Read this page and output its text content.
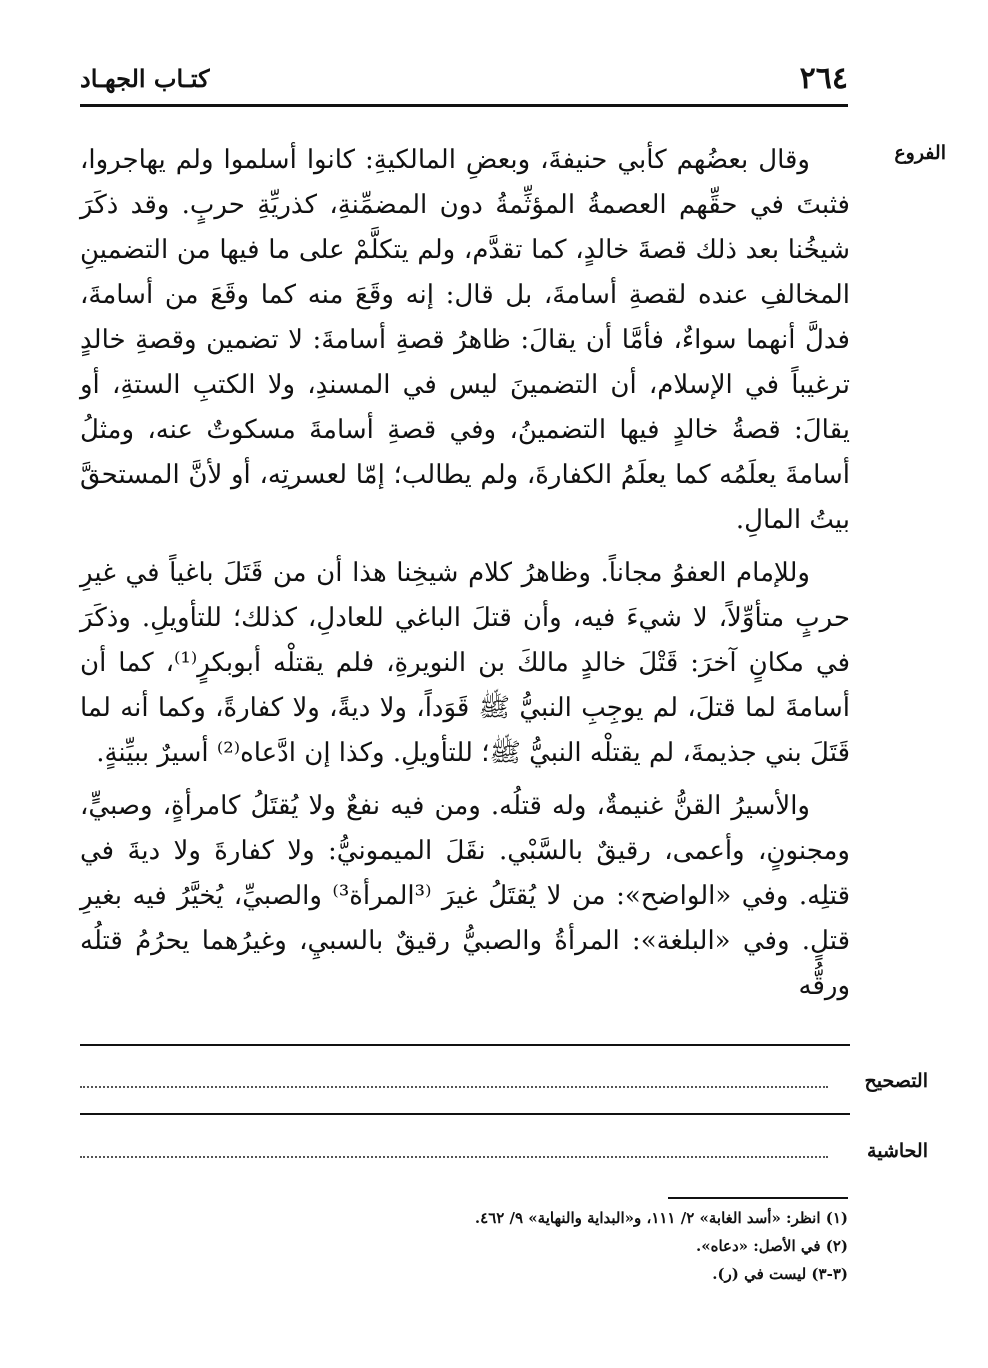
٢٦٤
كتـاب الجهـاد
الفروع

وقال بعضُهم كأبي حنيفةَ، وبعضِ المالكيةِ: كانوا أسلموا ولم يهاجروا، فثبتَ في حقِّهم العصمةُ المؤثِّمةُ دون المضمِّنةِ، كذريِّةِ حربٍ. وقد ذكَرَ شيخُنا بعد ذلك قصةَ خالدٍ، كما تقدَّم، ولم يتكلَّمْ على ما فيها من التضمينِ المخالفِ عنده لقصةِ أسامةَ، بل قال: إنه وقَعَ منه كما وقَعَ من أسامةَ، فدلَّ أنهما سواءٌ، فأمَّا أن يقالَ: ظاهرُ قصةِ أسامةَ: لا تضمين وقصةِ خالدٍ ترغيباً في الإسلام، أن التضمينَ ليس في المسندِ، ولا الكتبِ الستةِ، أو يقالَ: قصةُ خالدٍ فيها التضمينُ، وفي قصةِ أسامةَ مسكوتٌ عنه، ومثلُ أسامةَ يعلَمُه كما يعلَمُ الكفارةَ، ولم يطالب؛ إمّا لعسرتِه، أو لأنَّ المستحقَّ بيتُ المالِ.

وللإمام العفوُ مجاناً. وظاهرُ كلام شيخِنا هذا أن من قَتَلَ باغياً في غيرِ حربٍ متأوِّلاً، لا شيءَ فيه، وأن قتلَ الباغي للعادلِ، كذلك؛ للتأويلِ. وذكَرَ في مكانٍ آخرَ: قَتْلَ خالدٍ مالكَ بن النويرةِ، فلم يقتلْه أبوبكرٍ⁽¹⁾، كما أن أسامةَ لما قتلَ، لم يوجِبِ النبيُّ ﷺ قَوَداً، ولا ديةً، ولا كفارةً، وكما أنه لما قَتَلَ بني جذيمةَ، لم يقتلْه النبيُّ ﷺ؛ للتأويلِ. وكذا إن ادَّعاه⁽²⁾ أسيرٌ ببيِّنةٍ.

والأسيرُ القنُّ غنيمةٌ، وله قتلُه. ومن فيه نفعٌ ولا يُقتَلُ كامرأةٍ، وصبيٍّ، ومجنونٍ، وأعمى، رقيقٌ بالسَّبْي. نقَلَ الميمونيُّ: ولا كفارةَ ولا ديةَ في قتلِه. وفي «الواضح»: من لا يُقتَلُ غيرَ ⁽³المرأة³⁾ والصبيِّ، يُخيَّرُ فيه بغيرِ قتلٍ. وفي «البلغة»: المرأةُ والصبيُّ رقيقٌ بالسبيِ، وغيرُهما يحرُمُ قتلُه ورقُّه

التصحيح
الحاشية

(١) انظر: «أسد الغابة» ٢/ ١١١، و«البداية والنهاية» ٩/ ٤٦٢.

(٢) في الأصل: «دعاه».

(٣-٣) ليست في (ر).
